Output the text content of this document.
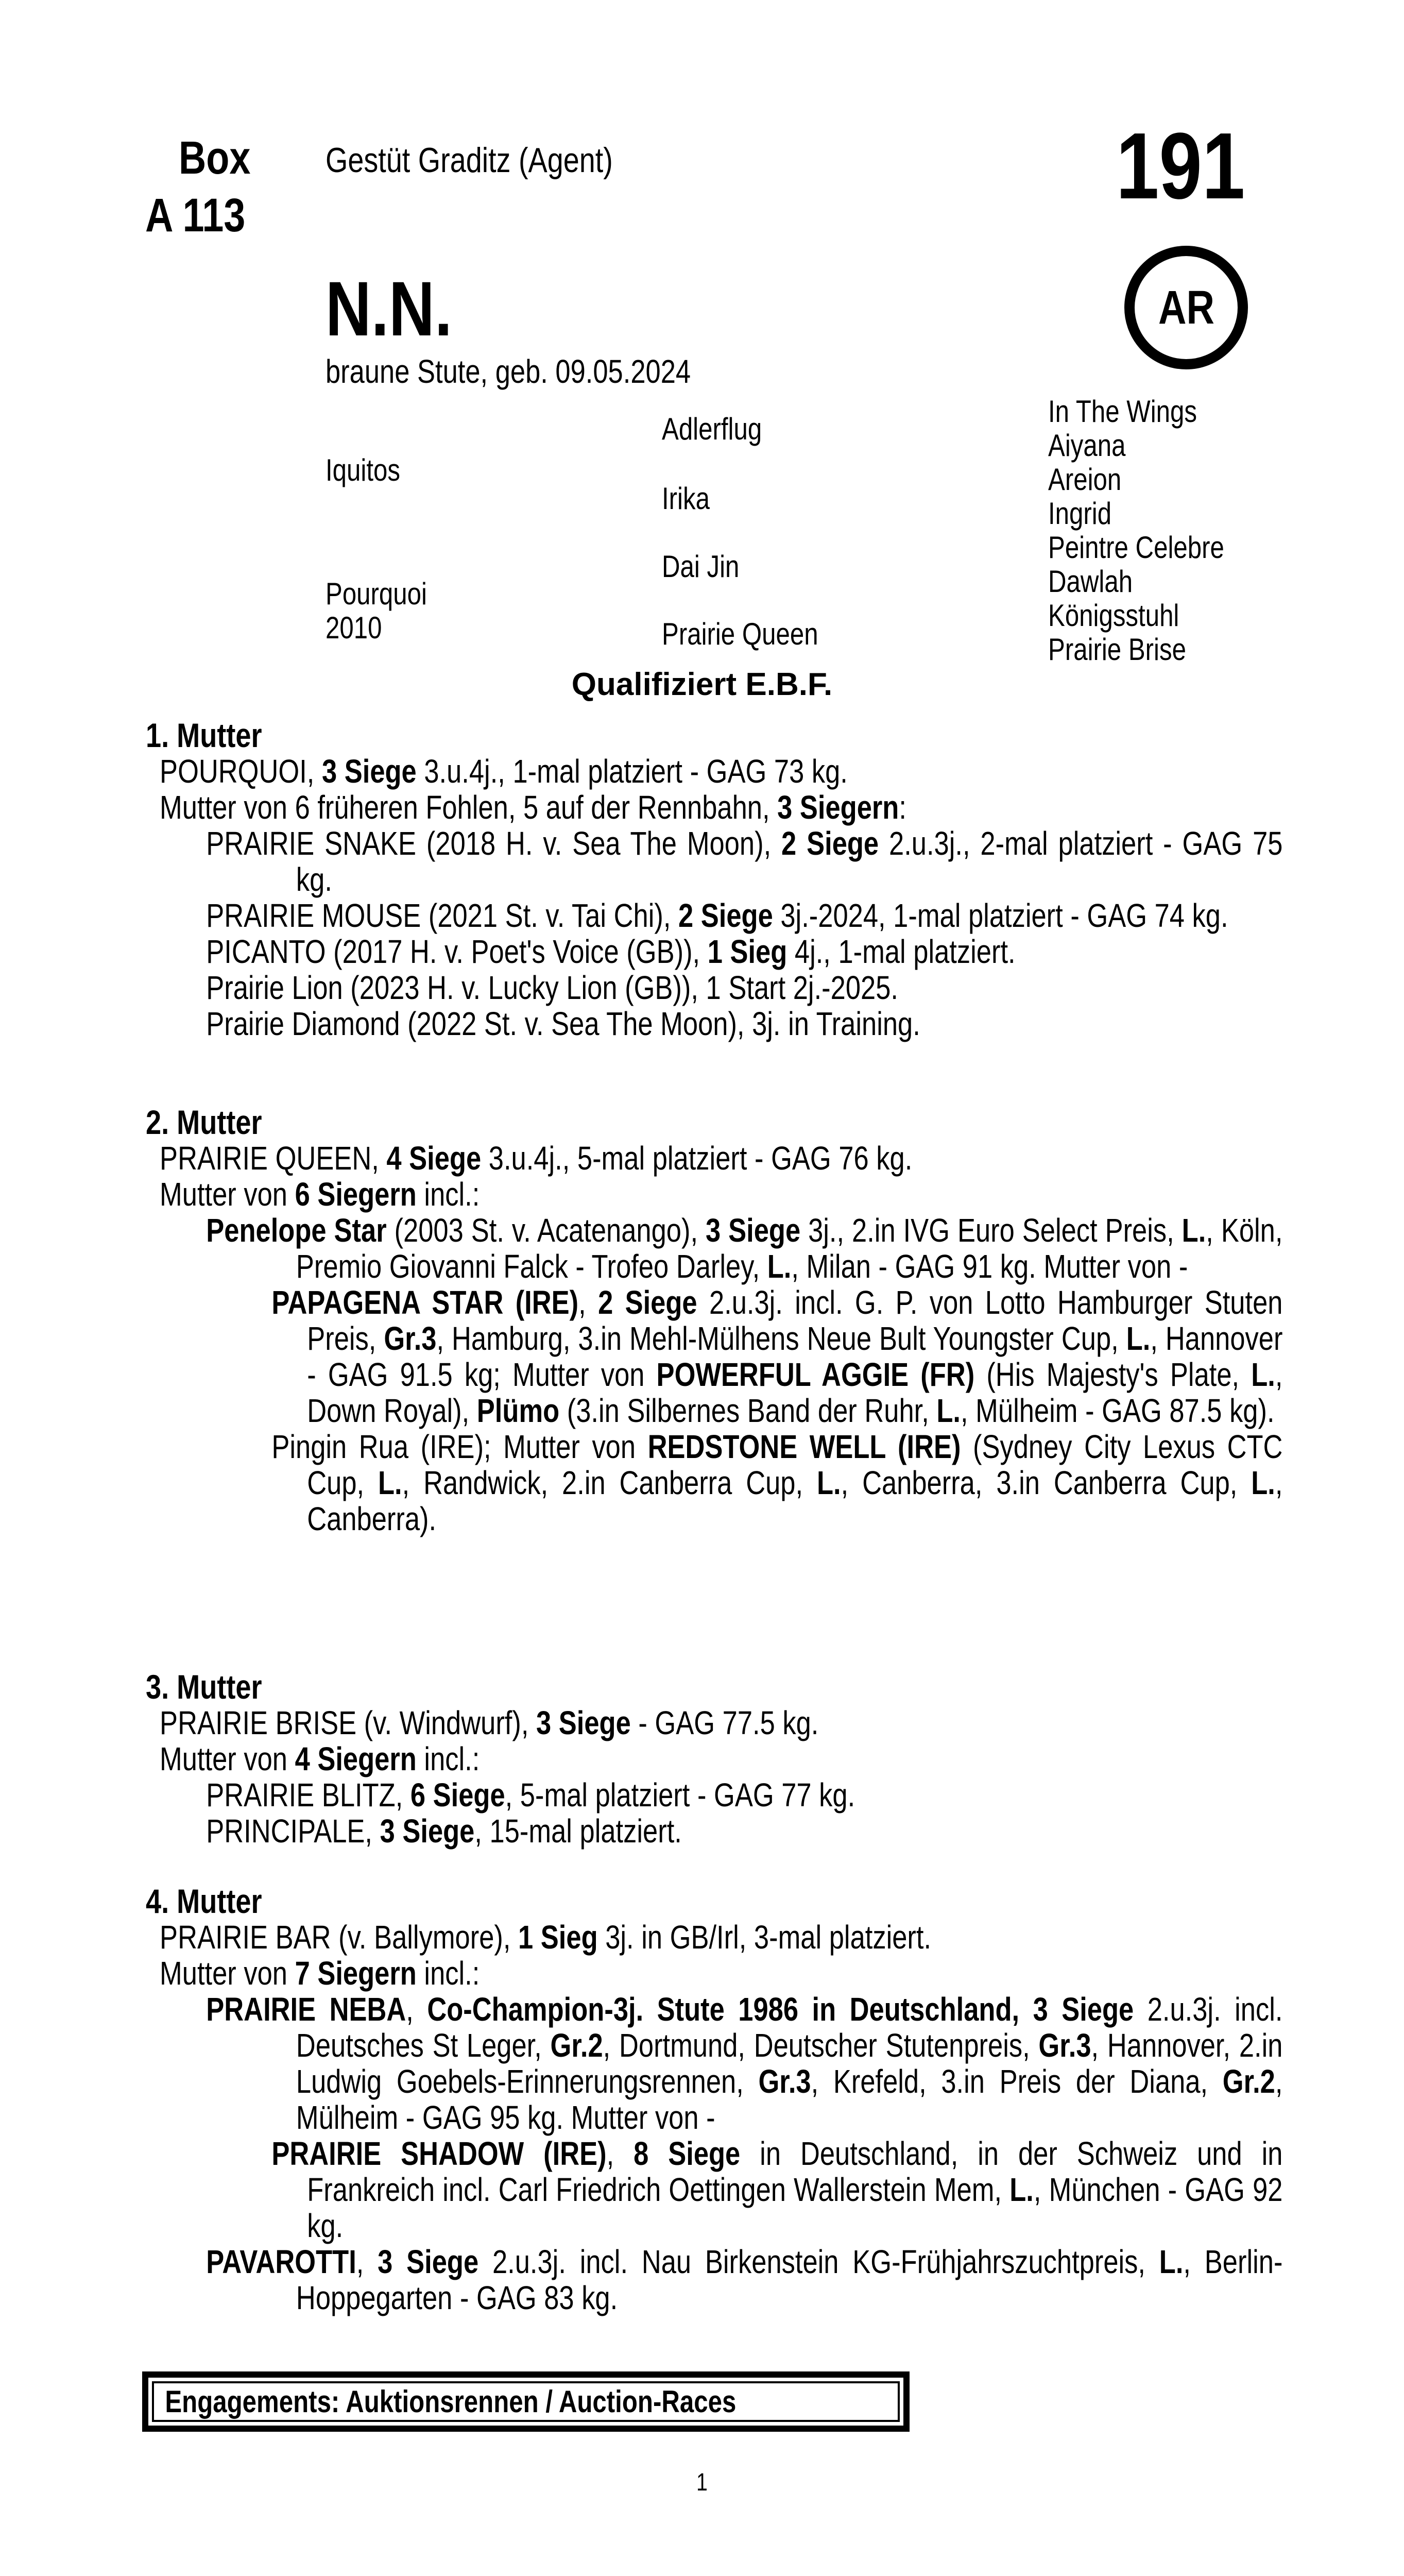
Box
A 113
Gestüt Graditz (Agent)	191
N.N.
braune Stute, geb. 09.05.2024
AR
Iquitos
Pourquoi 2010
Adlerflug
Irika
Dai Jin
Prairie Queen
In The Wings
Aiyana
Areion
Ingrid
Peintre Celebre
Dawlah
Königsstuhl
Prairie Brise
Qualifiziert E.B.F.
1. Mutter

POURQUOI, 3 Siege 3.u.4j., 1-mal platziert - GAG 73 kg.

Mutter von 6 früheren Fohlen, 5 auf der Rennbahn, 3 Siegern:

PRAIRIE SNAKE (2018 H. v. Sea The Moon), 2 Siege 2.u.3j., 2-mal platziert - GAG 75 kg.

PRAIRIE MOUSE (2021 St. v. Tai Chi), 2 Siege 3j.-2024, 1-mal platziert - GAG 74 kg.

PICANTO (2017 H. v. Poet's Voice (GB)), 1 Sieg 4j., 1-mal platziert.

Prairie Lion (2023 H. v. Lucky Lion (GB)), 1 Start 2j.-2025.

Prairie Diamond (2022 St. v. Sea The Moon), 3j. in Training.

2. Mutter

PRAIRIE QUEEN, 4 Siege 3.u.4j., 5-mal platziert - GAG 76 kg.

Mutter von 6 Siegern incl.:

Penelope Star (2003 St. v. Acatenango), 3 Siege 3j., 2.in IVG Euro Select Preis, L., Köln, Premio Giovanni Falck - Trofeo Darley, L., Milan - GAG 91 kg. Mutter von -

PAPAGENA STAR (IRE), 2 Siege 2.u.3j. incl. G. P. von Lotto Hamburger Stuten Preis, Gr.3, Hamburg, 3.in Mehl-Mülhens Neue Bult Youngster Cup, L., Hannover - GAG 91.5 kg; Mutter von POWERFUL AGGIE (FR) (His Majesty's Plate, L., Down Royal), Plümo (3.in Silbernes Band der Ruhr, L., Mülheim - GAG 87.5 kg).

Pingin Rua (IRE); Mutter von REDSTONE WELL (IRE) (Sydney City Lexus CTC Cup, L., Randwick, 2.in Canberra Cup, L., Canberra, 3.in Canberra Cup, L., Canberra).

3. Mutter

PRAIRIE BRISE (v. Windwurf), 3 Siege - GAG 77.5 kg.

Mutter von 4 Siegern incl.:

PRAIRIE BLITZ, 6 Siege, 5-mal platziert - GAG 77 kg.

PRINCIPALE, 3 Siege, 15-mal platziert.

4. Mutter

PRAIRIE BAR (v. Ballymore), 1 Sieg 3j. in GB/Irl, 3-mal platziert.

Mutter von 7 Siegern incl.:

PRAIRIE NEBA, Co-Champion-3j. Stute 1986 in Deutschland, 3 Siege 2.u.3j. incl. Deutsches St Leger, Gr.2, Dortmund, Deutscher Stutenpreis, Gr.3, Hannover, 2.in Ludwig Goebels-Erinnerungsrennen, Gr.3, Krefeld, 3.in Preis der Diana, Gr.2, Mülheim - GAG 95 kg. Mutter von -

PRAIRIE SHADOW (IRE), 8 Siege in Deutschland, in der Schweiz und in Frankreich incl. Carl Friedrich Oettingen Wallerstein Mem, L., München - GAG 92 kg.

PAVAROTTI, 3 Siege 2.u.3j. incl. Nau Birkenstein KG-Frühjahrszuchtpreis, L., Berlin-Hoppegarten - GAG 83 kg.

Engagements: Auktionsrennen / Auction-Races
1
